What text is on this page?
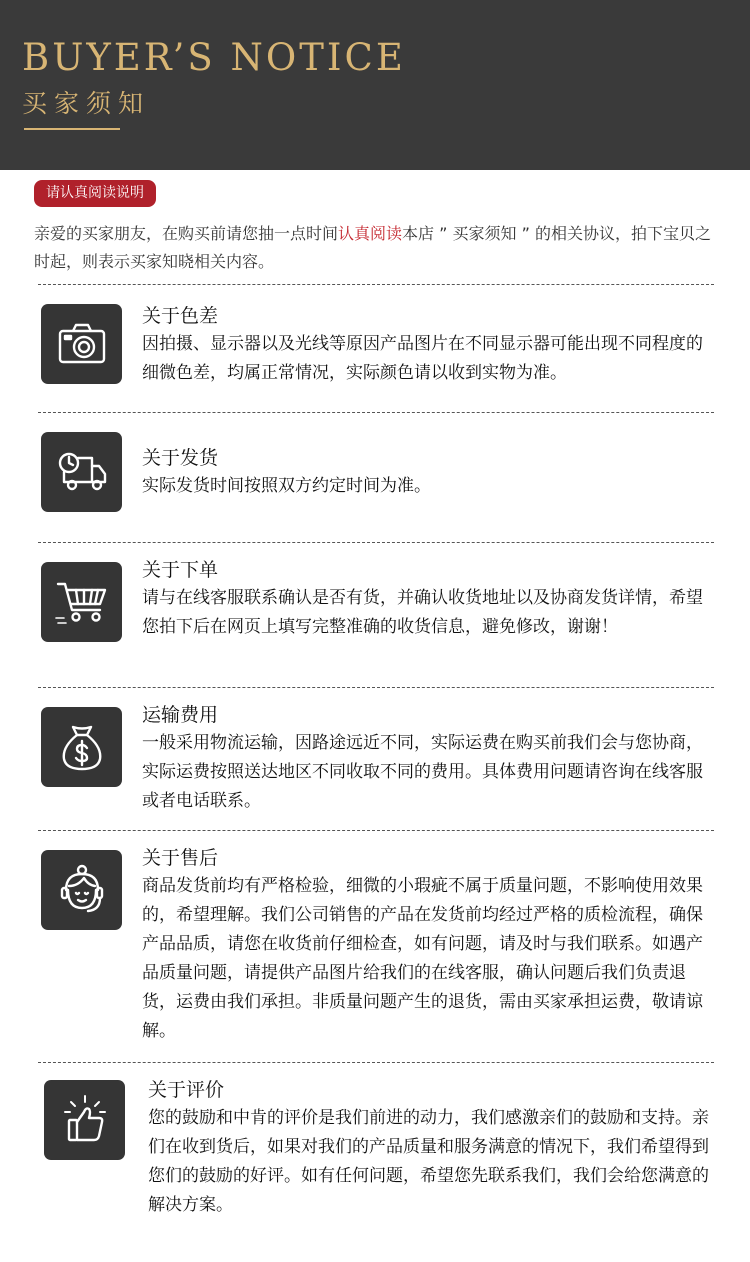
BUYER’S NOTICE
买家须知
请认真阅读说明
亲爱的买家朋友，在购买前请您抽一点时间认真阅读本店 ” 买家须知 ” 的相关协议，拍下宝贝之时起，则表示买家知晓相关内容。
关于色差
因拍摄、显示器以及光线等原因产品图片在不同显示器可能出现不同程度的细微色差，均属正常情况，实际颜色请以收到实物为准。
关于发货
实际发货时间按照双方约定时间为准。
关于下单
请与在线客服联系确认是否有货，并确认收货地址以及协商发货详情，希望您拍下后在网页上填写完整准确的收货信息，避免修改，谢谢！
运输费用
一般采用物流运输，因路途远近不同，实际运费在购买前我们会与您协商，实际运费按照送达地区不同收取不同的费用。具体费用问题请咨询在线客服或者电话联系。
关于售后
商品发货前均有严格检验，细微的小瑕疵不属于质量问题，不影响使用效果的，希望理解。我们公司销售的产品在发货前均经过严格的质检流程，确保产品品质，请您在收货前仔细检查，如有问题，请及时与我们联系。如遇产品质量问题，请提供产品图片给我们的在线客服，确认问题后我们负责退货，运费由我们承担。非质量问题产生的退货，需由买家承担运费，敬请谅解。
关于评价
您的鼓励和中肯的评价是我们前进的动力，我们感激亲们的鼓励和支持。亲们在收到货后，如果对我们的产品质量和服务满意的情况下，我们希望得到您们的鼓励的好评。如有任何问题，希望您先联系我们，我们会给您满意的解决方案。
